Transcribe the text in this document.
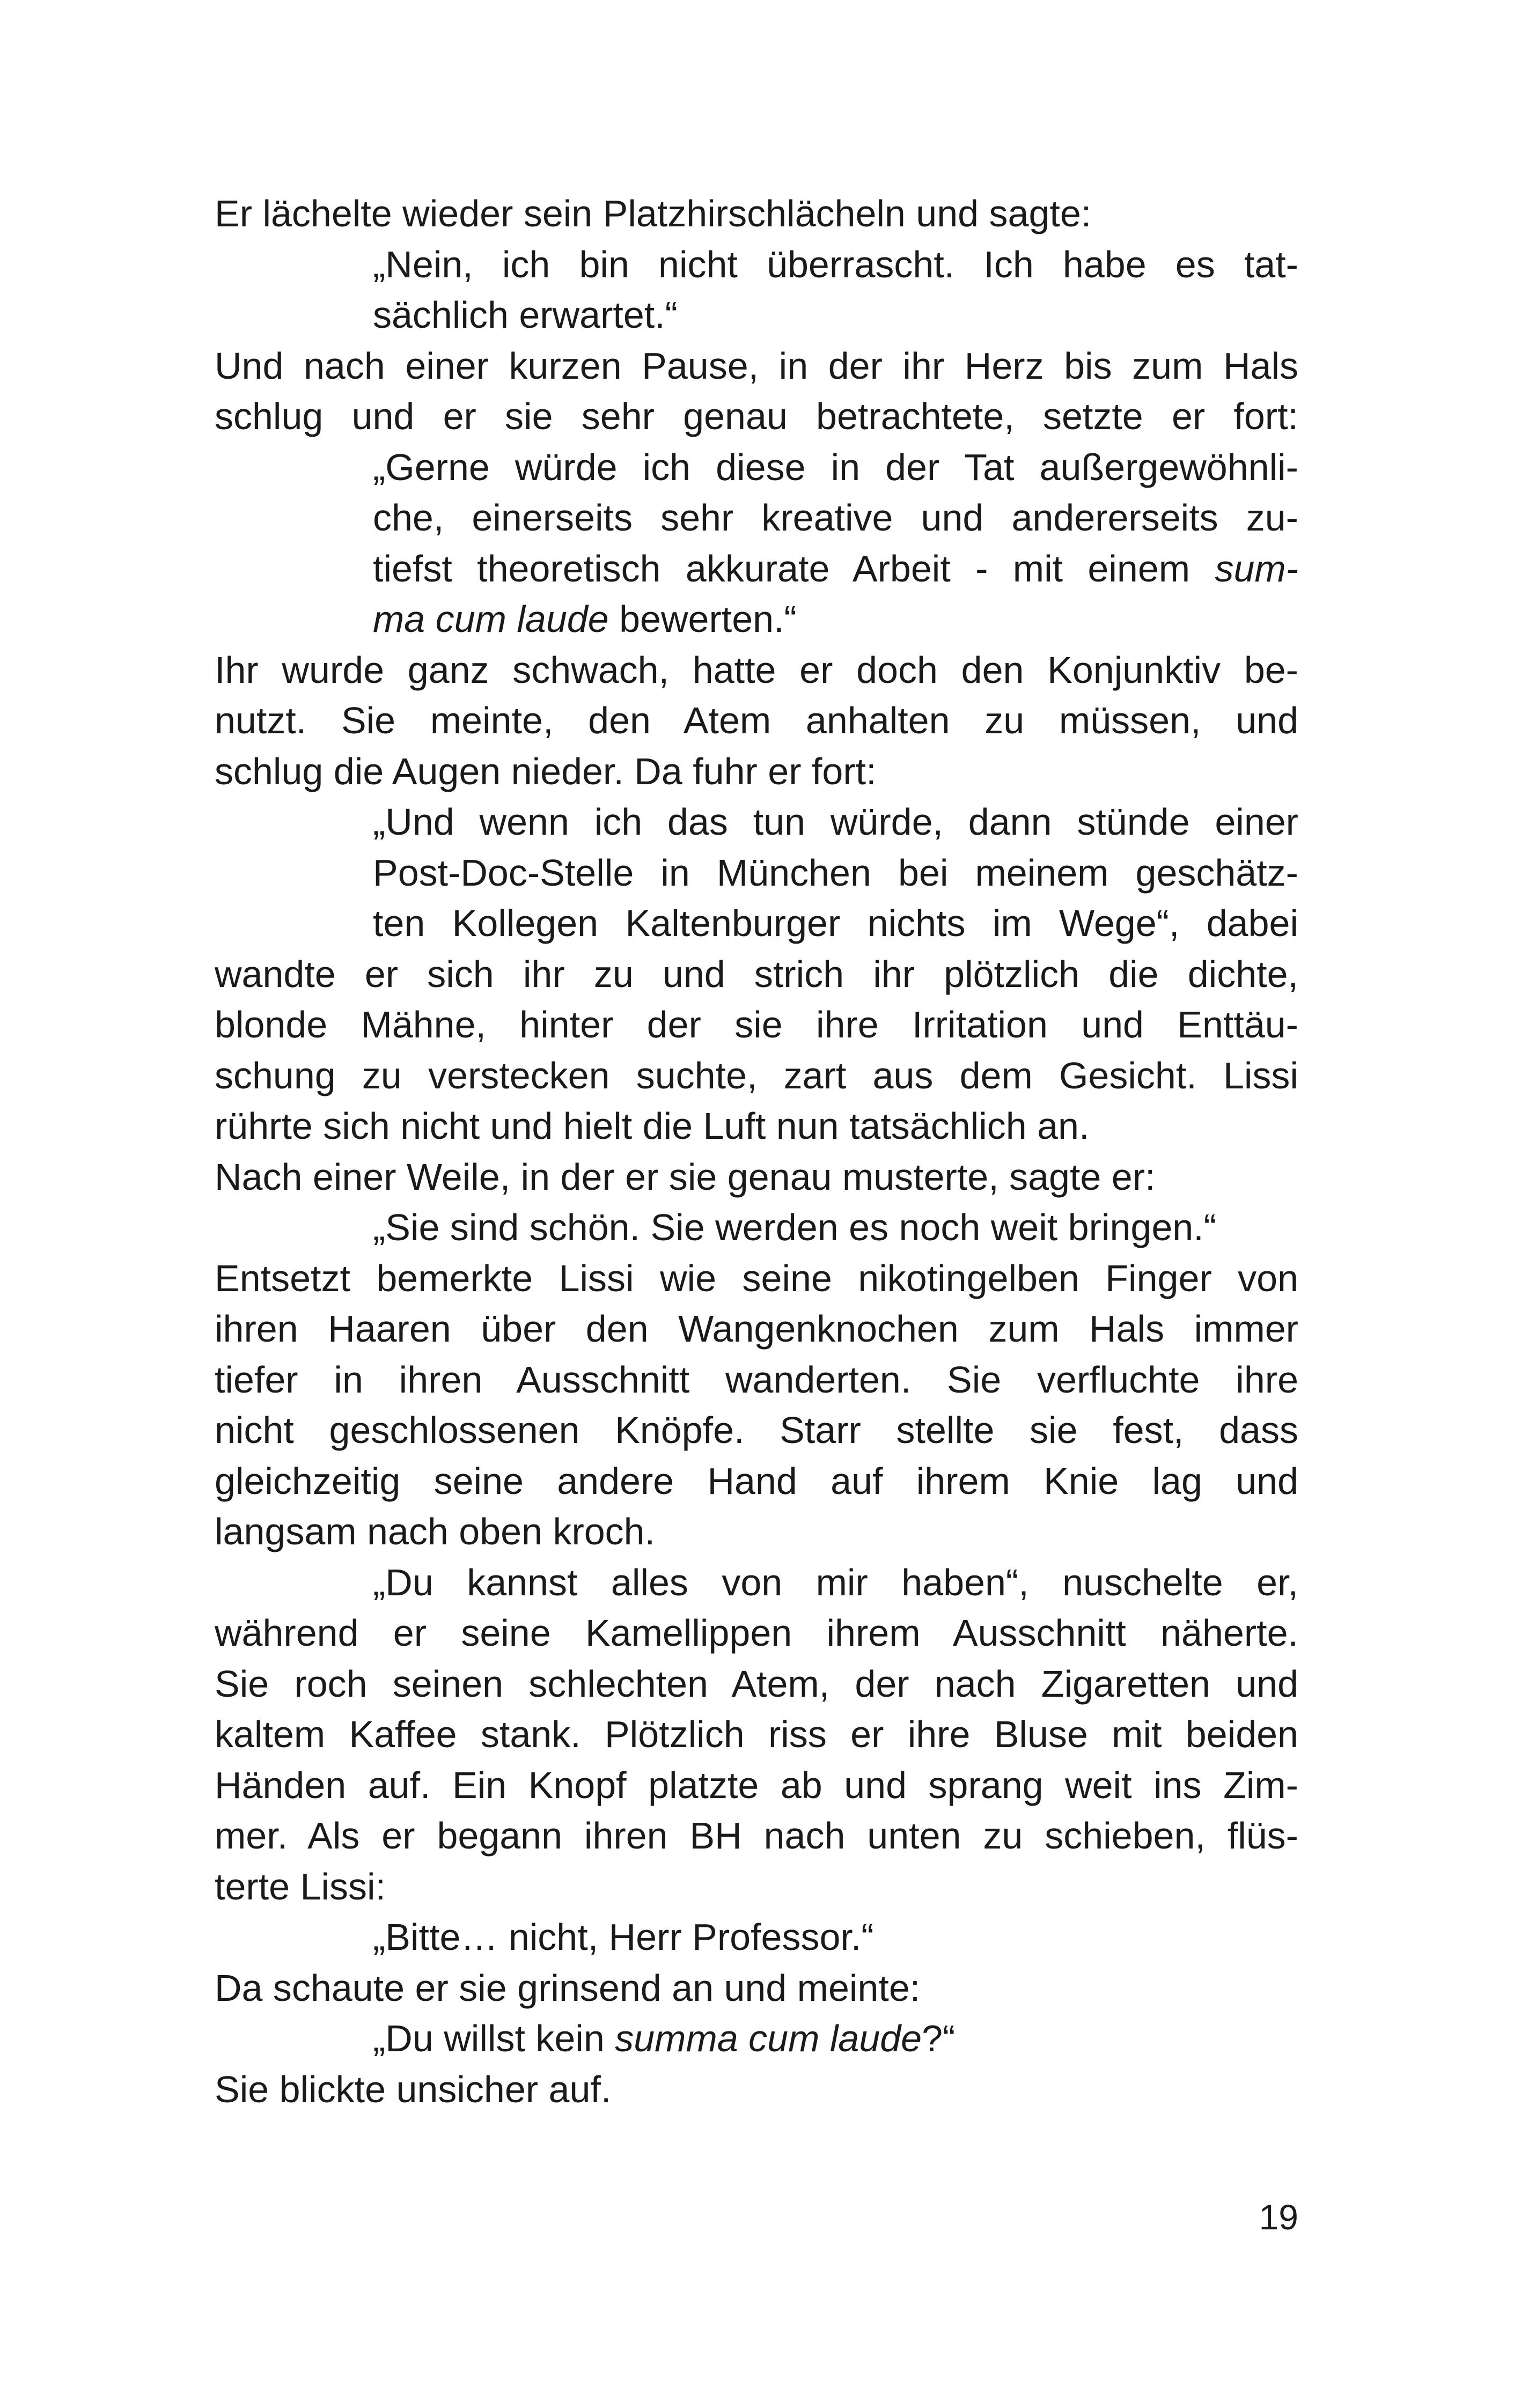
Er lächelte wieder sein Platzhirschlächeln und sagte:
„Nein, ich bin nicht überrascht. Ich habe es tat-
sächlich erwartet.“
Und nach einer kurzen Pause, in der ihr Herz bis zum Hals
schlug und er sie sehr genau betrachtete, setzte er fort:
„Gerne würde ich diese in der Tat außergewöhnli-
che, einerseits sehr kreative und andererseits zu-
tiefst theoretisch akkurate Arbeit - mit einem sum-
ma cum laude bewerten.“
Ihr wurde ganz schwach, hatte er doch den Konjunktiv be-
nutzt. Sie meinte, den Atem anhalten zu müssen, und
schlug die Augen nieder. Da fuhr er fort:
„Und wenn ich das tun würde, dann stünde einer
Post-Doc-Stelle in München bei meinem geschätz-
ten Kollegen Kaltenburger nichts im Wege“, dabei
wandte er sich ihr zu und strich ihr plötzlich die dichte,
blonde Mähne, hinter der sie ihre Irritation und Enttäu-
schung zu verstecken suchte, zart aus dem Gesicht. Lissi
rührte sich nicht und hielt die Luft nun tatsächlich an.
Nach einer Weile, in der er sie genau musterte, sagte er:
„Sie sind schön. Sie werden es noch weit bringen.“
Entsetzt bemerkte Lissi wie seine nikotingelben Finger von
ihren Haaren über den Wangenknochen zum Hals immer
tiefer in ihren Ausschnitt wanderten. Sie verfluchte ihre
nicht geschlossenen Knöpfe. Starr stellte sie fest, dass
gleichzeitig seine andere Hand auf ihrem Knie lag und
langsam nach oben kroch.
„Du kannst alles von mir haben“, nuschelte er,
während er seine Kamellippen ihrem Ausschnitt näherte.
Sie roch seinen schlechten Atem, der nach Zigaretten und
kaltem Kaffee stank. Plötzlich riss er ihre Bluse mit beiden
Händen auf. Ein Knopf platzte ab und sprang weit ins Zim-
mer. Als er begann ihren BH nach unten zu schieben, flüs-
terte Lissi:
„Bitte… nicht, Herr Professor.“
Da schaute er sie grinsend an und meinte:
„Du willst kein summa cum laude?“
Sie blickte unsicher auf.
19
